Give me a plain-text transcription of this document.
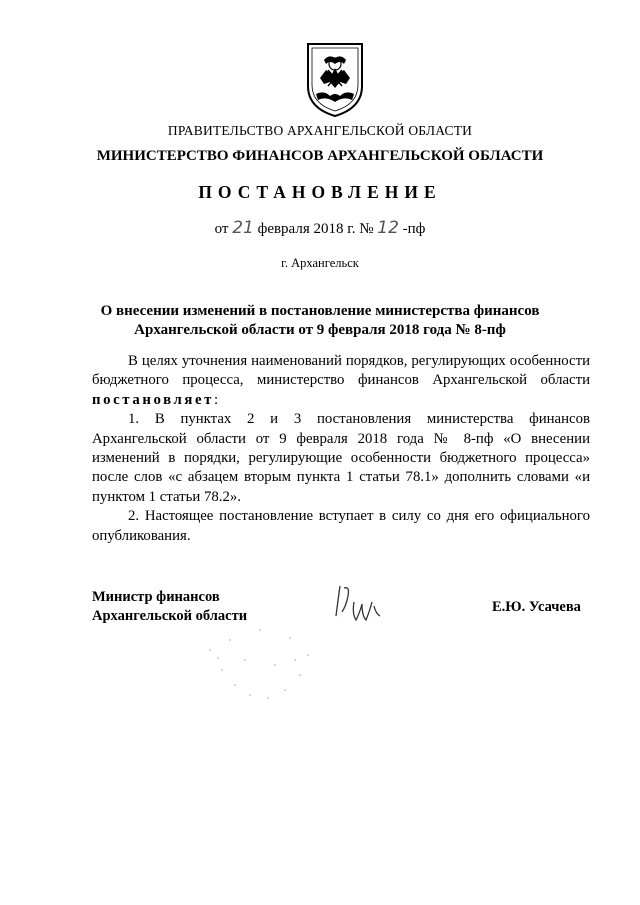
ПРАВИТЕЛЬСТВО АРХАНГЕЛЬСКОЙ ОБЛАСТИ
МИНИСТЕРСТВО ФИНАНСОВ АРХАНГЕЛЬСКОЙ ОБЛАСТИ
ПОСТАНОВЛЕНИЕ
от 21 февраля 2018 г. № 12 -пф
г. Архангельск
О внесении изменений в постановление министерства финансов
Архангельской области от 9 февраля 2018 года № 8-пф

В целях уточнения наименований порядков, регулирующих особенности бюджетного процесса, министерство финансов Архангельской области постановляет:

1. В пунктах 2 и 3 постановления министерства финансов Архангельской области от 9 февраля 2018 года № 8-пф «О внесении изменений в порядки, регулирующие особенности бюджетного процесса» после слов «с абзацем вторым пункта 1 статьи 78.1» дополнить словами «и пунктом 1 статьи 78.2».

2. Настоящее постановление вступает в силу со дня его официального опубликования.

Министр финансов
Архангельской области
Е.Ю. Усачева
